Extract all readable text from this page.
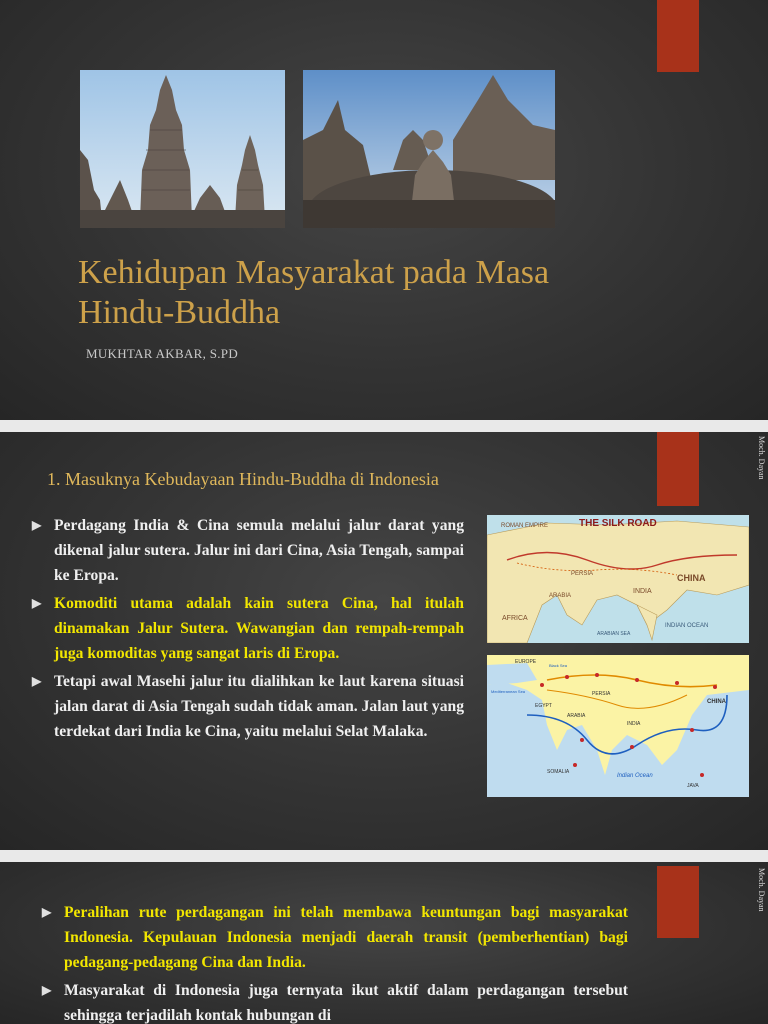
Kehidupan Masyarakat pada Masa Hindu-Buddha
MUKHTAR AKBAR, S.PD
Moch. Dayan
1. Masuknya Kebudayaan Hindu-Buddha di Indonesia
▶ Perdagang India & Cina semula melalui jalur darat yang dikenal jalur sutera. Jalur ini dari Cina, Asia Tengah, sampai ke Eropa.
▶ Komoditi utama adalah kain sutera Cina, hal itulah dinamakan Jalur Sutera. Wawangian dan rempah-rempah juga komoditas yang sangat laris di Eropa.
▶ Tetapi awal Masehi jalur itu dialihkan ke laut karena situasi jalan darat di Asia Tengah sudah tidak aman. Jalan laut yang terdekat dari India ke Cina, yaitu melalui Selat Malaka.
THE SILK ROAD
ROMAN EMPIRE
CHINA
INDIA
AFRICA
ARABIA
INDIAN OCEAN
ARABIAN SEA
PERSIA
EUROPE
CHINA
INDIA
ARABIA
PERSIA
EGYPT
SOMALIA
Indian Ocean
Mediterranean Sea
Black Sea
JAVA
Moch. Dayan
▶ Peralihan rute perdagangan ini telah membawa keuntungan bagi masyarakat Indonesia. Kepulauan Indonesia menjadi daerah transit (pemberhentian) bagi pedagang-pedagang Cina dan India.
▶ Masyarakat di Indonesia juga ternyata ikut aktif dalam perdagangan tersebut sehingga terjadilah kontak hubungan di
